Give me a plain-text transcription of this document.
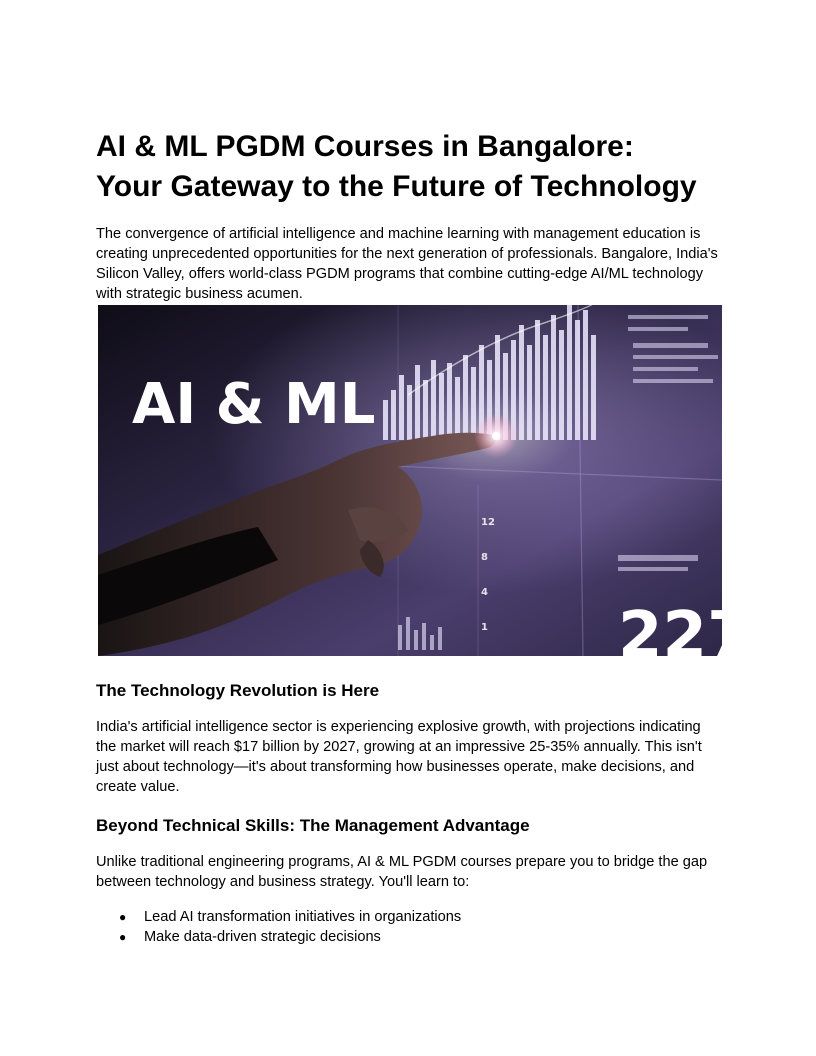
AI & ML PGDM Courses in Bangalore:
Your Gateway to the Future of Technology

The convergence of artificial intelligence and machine learning with management education is creating unprecedented opportunities for the next generation of professionals. Bangalore, India's Silicon Valley, offers world-class PGDM programs that combine cutting-edge AI/ML technology with strategic business acumen.

12
8
4
1 227
AI & ML
The Technology Revolution is Here

India's artificial intelligence sector is experiencing explosive growth, with projections indicating the market will reach $17 billion by 2027, growing at an impressive 25-35% annually. This isn't just about technology—it's about transforming how businesses operate, make decisions, and create value.

Beyond Technical Skills: The Management Advantage

Unlike traditional engineering programs, AI & ML PGDM courses prepare you to bridge the gap between technology and business strategy. You'll learn to:

● Lead AI transformation initiatives in organizations
● Make data-driven strategic decisions
